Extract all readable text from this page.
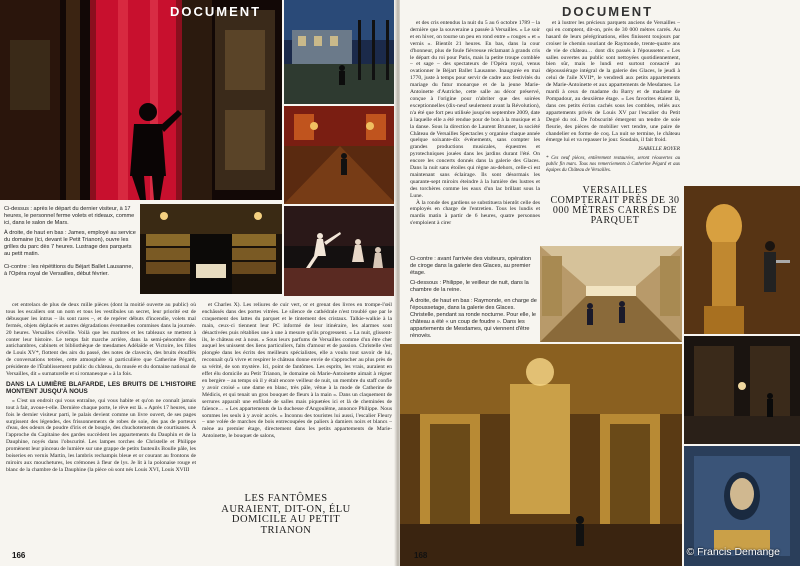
DOCUMENT

Ci-dessus : après le départ du dernier visiteur, à 17 heures, le personnel ferme volets et rideaux, comme ici, dans le salon de Mars.

À droite, de haut en bas : James, employé au service du domaine (ici, devant le Petit Trianon), ouvre les grilles du parc dès 7 heures. Lustrage des parquets au petit matin.

Ci-contre : les répétitions du Béjart Ballet Lausanne, à l'Opéra royal de Versailles, début février.

cet entrelacs de plus de deux mille pièces (dont la moitié ouverte au public) où tous les escaliers ont un nom et tous les vestibules un secret, leur priorité est de débusquer les intrus – ils sont rares –, et de repérer débuts d'incendie, volets mal fermés, objets déplacés et autres dégradations éventuelles commises dans la journée. 20 heures. Versailles s'éveille. Voilà que les marbres et les tableaux se mettent à conter leur histoire. Le temps fait marche arrière, dans la semi-pénombre des antichambres, cabinets et bibliothèque de mesdames Adélaïde et Victoire, les filles de Louis XV*, flottent des airs du passé, des notes de clavecin, des bruits étouffés de conversations tetrées, cette atmosphère si particulière que Catherine Pégard, présidente de l'Établissement public du château, du musée et du domaine national de Versailles, dit « surnaturelle et si romanesque » à la fois.

DANS LA LUMIÈRE BLAFARDE, LES BRUITS DE L'HISTOIRE MONTENT JUSQU'À NOUS

« C'est un endroit qui vous entraîne, qui vous habite et qu'on ne connaît jamais tout à fait, avoue-t-elle. Dernière chaque porte, le rêve est là. » Après 17 heures, une fois le dernier visiteur parti, le palais devient comme un livre ouvert, de ses pages surgissent des légendes, des frissonnements de robes de soie, des pas de porteurs d'eau, des odeurs de poudre d'iris et de bougie, des chuchotements de courtisanes. À l'approche du Capitaine des gardes succèdent les appartements du Dauphin et de la Dauphine, noyés dans l'obscurité. Les lampes torches de Christelle et Philippe promènent leur pinceau de lumière sur une grappe de petits fauteuils Boulle pâle, les boiseries en vernis Martin, les lambris rechampis bleue et or courant au frontons de miroirs aux mouchetures, les crémones à fleur de lys. Je lit à la polonaise rouge et blanc de la chambre de la Dauphine (la pièce où sont nés Louis XVI, Louis XVIII

et Charles X). Les reliures de cuir vert, or et grenat des livres en trompe-l'œil enchâssés dans des portes vitrées. Le silence de cathédrale n'est troublé que par le craquement des lattes du parquet et le tintement des cristaux. Talkie-walkie à la main, ceux-ci tiennent leur PC informé de leur itinéraire, les alarmes sont désactivées puis rétablies une à une à mesure qu'ils progressent. « La nuit, glissent-ils, le château est à nous. » Sous leurs parfums de Versailles comme d'un être cher auquel les unissent des liens particuliers, faits d'amour et de passion. Christelle s'est plongée dans les écrits des meilleurs spécialistes, elle a voulu tout savoir de lui, reconnaît qu'à vivre et respirer le château donne envie de s'approcher au plus près de sa vérité, de son mystère. Ici, point de fantômes. Les esprits, les vrais, auraient en effet élu domicile au Petit Trianon, le domaine où Marie-Antoinette aimait à régner en bergère – au temps où il y était encore veilleur de nuit, un membre du staff confie y avoir croisé « une dame en blanc, très pâle, vêtue à la mode de Catherine de Médicis, et qui tenait un gros bouquet de fleurs à la main ». Dans un claquement de serrures apparaît une enfilade de salles mais piquetées ici et là de cheminées de faïence… « Les appartements de la duchesse d'Angoulême, annonce Philippe. Nous sommes les seuls à y avoir accès. » Inconnu des touristes lui aussi, l'escalier Fleury – une volée de marches de bois entrecoupées de paliers à damiers noirs et blancs – mène au premier étage, directement dans les petits appartements de Marie-Antoinette, le bouquet de salons,

LES FANTÔMES AURAIENT, DIT-ON, ÉLU DOMICILE AU PETIT TRIANON
166
DOCUMENT

et des cris entendus la nuit du 5 au 6 octobre 1789 – la dernière que la souveraine a passée à Versailles. « Le soir et en hiver, on tourne un peu en rond entre « rouges » et « vernis ». Bientôt 21 heures. En bas, dans la cour d'honneur, plus de foule fiévreuse réclamant à grands cris le départ du roi pour Paris, mais la petite troupe comblée – et sage – des spectateurs de l'Opéra royal, venus ovationner le Béjart Ballet Lausanne. Inaugurée en mai 1770, juste à temps pour servir de cadre aux festivités du mariage du futur monarque et de la jeune Marie-Antoinette d'Autriche, cette salle au décor préservé, conçue à l'origine pour n'abriter que des soirées exceptionnelles (dix-neuf seulement avant la Révolution), n'a été que fort peu utilisée jusqu'en septembre 2009, date à laquelle elle a été rendue pour de bon à la musique et à la danse. Sous la direction de Laurent Brunner, la société Château de Versailles Spectacles y organise chaque année quelque soixante-dix événements, sans compter les grandes productions musicales, équestres et pyrotechniques jouées dans les jardins durant l'été. On encore les concerts donnés dans la galerie des Glaces. Dans la nuit sans étoiles qui règne au-dehors, celle-ci est maintenant sans éclairage. Ils sont désormais les quarante-sept miroirs éteindre à la lumière des lustres et des torchères comme les eaux d'un lac brillant sous la Lune.

À la ronde des gardiens se substituera bientôt celle des employés en charge de l'entretien. Tous les lundis et mardis matin à partir de 6 heures, quatre personnes s'emploient à cirer

et à lustrer les précieux parquets anciens de Versailles – qui en comptent, dit-on, près de 30 000 mètres carrés. Au hasard de leurs pérégrinations, elles finissent toujours par croiser le chemin souriant de Raymonde, trente-quatre ans de vie de château… dont dix passés à l'épousseter. « Les salles ouvertes au public sont nettoyées quotidiennement, bien sûr, mais le lundi est surtout consacré au dépoussiérage intégral de la galerie des Glaces, le jeudi à celui de l'aile XVII*, le vendredi aux petits appartements de Marie-Antoinette et aux appartements de Mesdames. Le mardi à ceux de madame du Barry et de madame de Pompadour, au deuxième étage. » Les favorites étaient là, dans ces petits écrins cachés sous les combles, reliés aux appartements privés de Louis XV par l'escalier du Petit Degré du roi. De l'obscurité émergent un tendre de soie fleurie, des pièces de mobilier vert tendre, une paire de chandelier en forme de coq. La nuit se termine, le château émerge lui et va repasser le jour. Soudain, il fait froid.

ISABELLE ROYER
* Ces neuf pièces, entièrement restaurées, seront réouvertes au public fin mars. Tous nos remerciements à Catherine Pégard et aux équipes du Château de Versailles.
VERSAILLES COMPTERAIT PRÈS DE 30 000 MÈTRES CARRÉS DE PARQUET

Ci-contre : avant l'arrivée des visiteurs, opération de ciroge dans la galerie des Glaces, au premier étage.

Ci-dessous : Philippe, le veilleur de nuit, dans la chambre de la reine.

À droite, de haut en bas : Raymonde, en charge de l'époussetage, dans la galerie des Glaces. Christelle, pendant sa ronde nocturne. Pour elle, le château a été « un coup de foudre ». Dans les appartements de Mesdames, qui viennent d'être rénovés.

168	© Francis Demange
